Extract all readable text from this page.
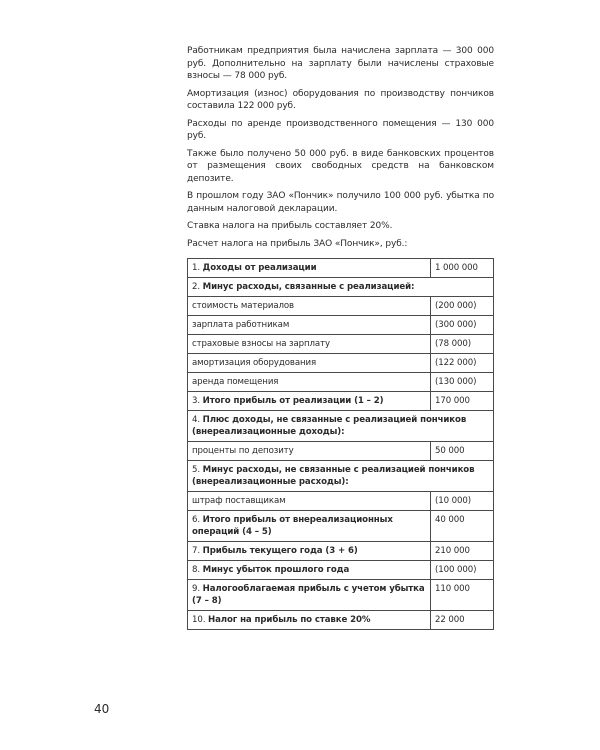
Работникам предприятия была начислена зарплата — 300 000 руб. Дополнительно на зарплату были начислены страховые взносы — 78 000 руб.

Амортизация (износ) оборудования по производству пончиков составила 122 000 руб.

Расходы по аренде производственного помещения — 130 000 руб.

Также было получено 50 000 руб. в виде банковских процентов от размещения своих свободных средств на банковском депозите.

В прошлом году ЗАО «Пончик» получило 100 000 руб. убытка по данным налоговой декларации.

Ставка налога на прибыль составляет 20%.

Расчет налога на прибыль ЗАО «Пончик», руб.:

1. Доходы от реализации	1 000 000
2. Минус расходы, связанные с реализацией:	
стоимость материалов	(200 000)
зарплата работникам	(300 000)
страховые взносы на зарплату	(78 000)
амортизация оборудования	(122 000)
аренда помещения	(130 000)
3. Итого прибыль от реализации (1 – 2)	170 000
4. Плюс доходы, не связанные с реализацией пончиков (внереализационные доходы):	
проценты по депозиту	50 000
5. Минус расходы, не связанные с реализацией пончиков (внереализационные расходы):	
штраф поставщикам	(10 000)
6. Итого прибыль от внереализационных операций (4 – 5)	40 000
7. Прибыль текущего года (3 + 6)	210 000
8. Минус убыток прошлого года	(100 000)
9. Налогооблагаемая прибыль с учетом убытка (7 – 8)	110 000
10. Налог на прибыль по ставке 20%	22 000
40
